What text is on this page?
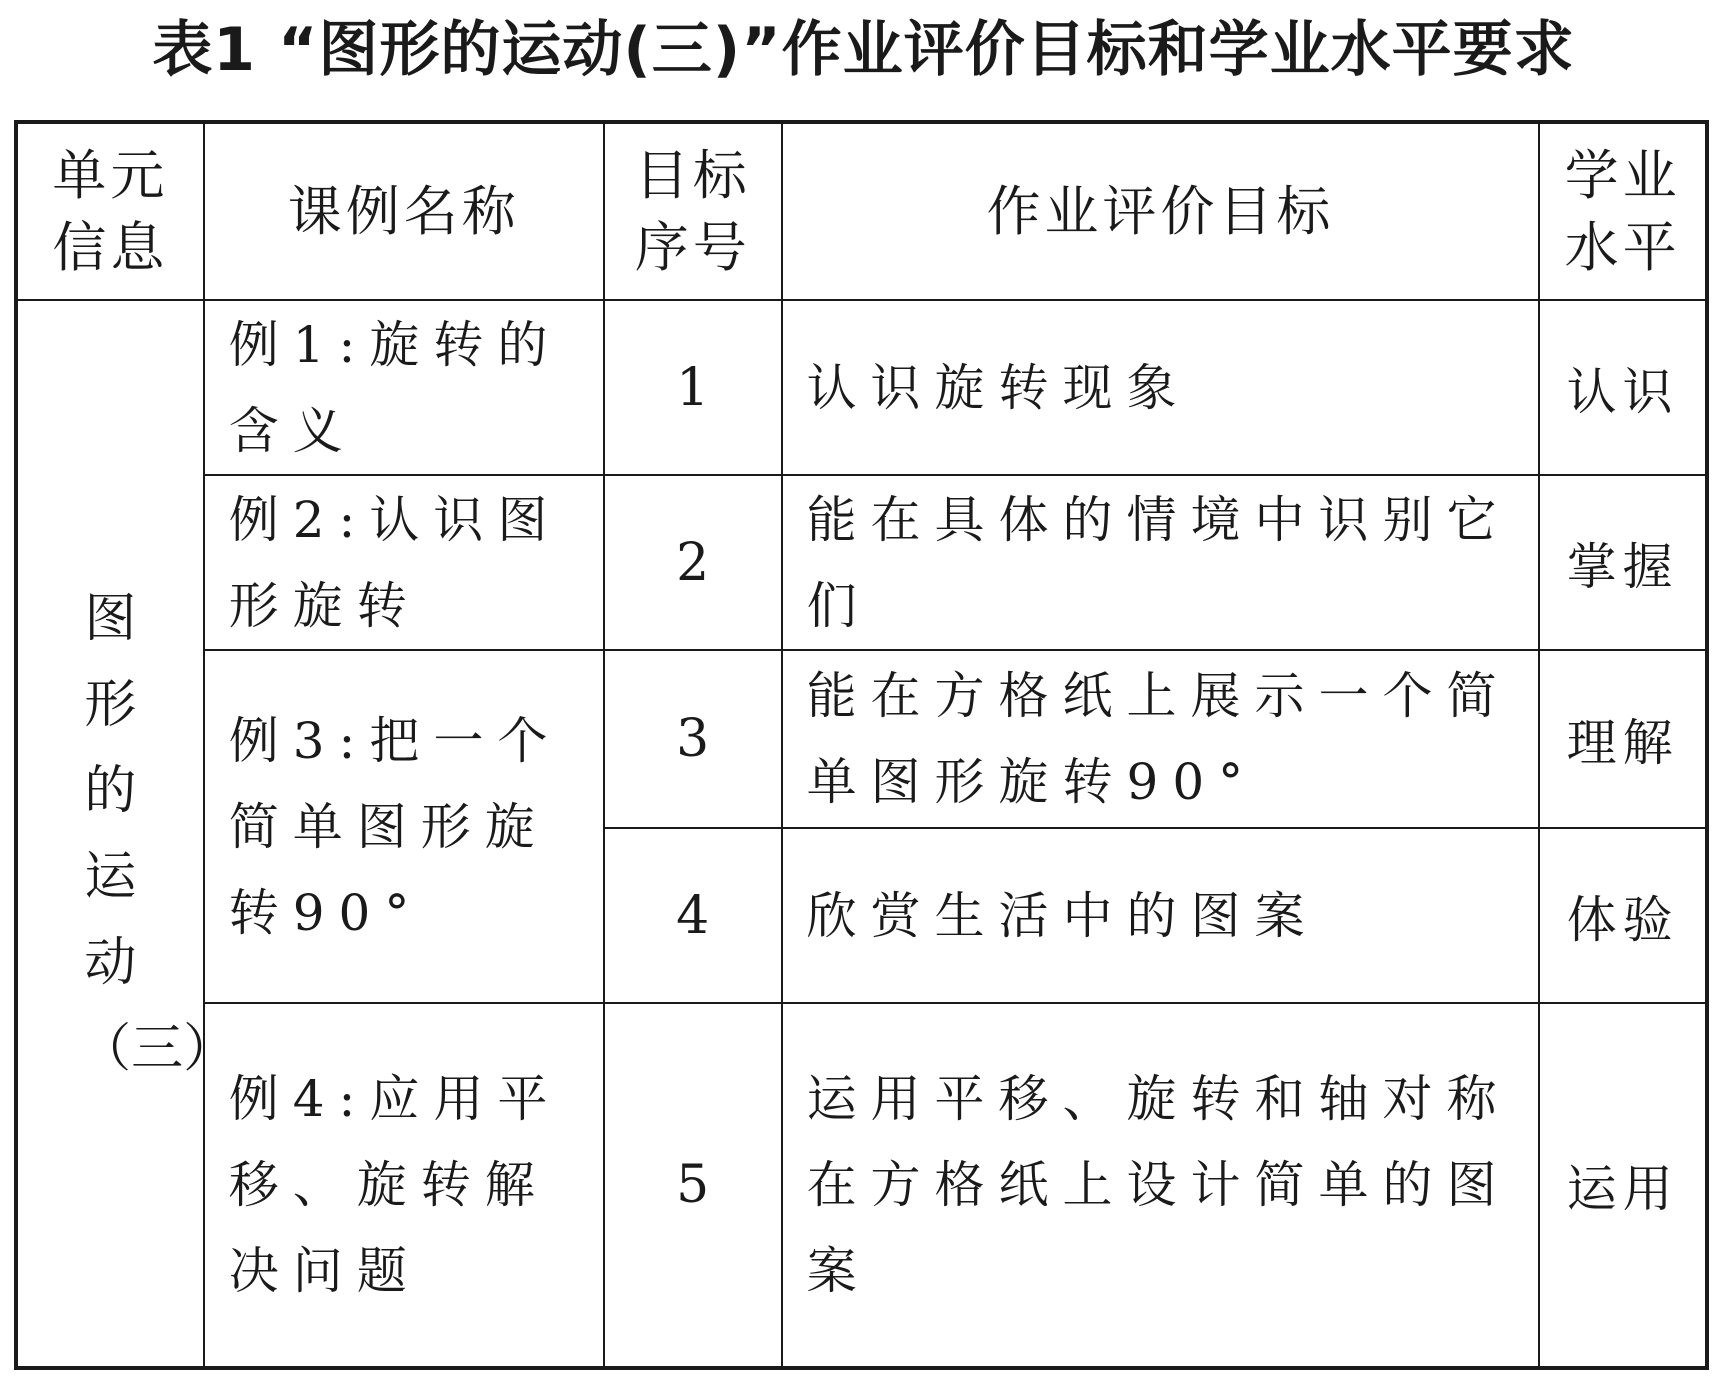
表1 “图形的运动(三)”作业评价目标和学业水平要求
单元信息	课例名称	目标序号	作业评价目标	学业水平
图形的运动（三）	例1:旋转的含义	1	认识旋转现象	认识
	例2:认识图形旋转	2	能在具体的情境中识别它们	掌握
	例3:把一个简单图形旋转90°	3	能在方格纸上展示一个简单图形旋转90°	理解
		4	欣赏生活中的图案	体验
	例4:应用平移、旋转解决问题	5	运用平移、旋转和轴对称在方格纸上设计简单的图案	运用
